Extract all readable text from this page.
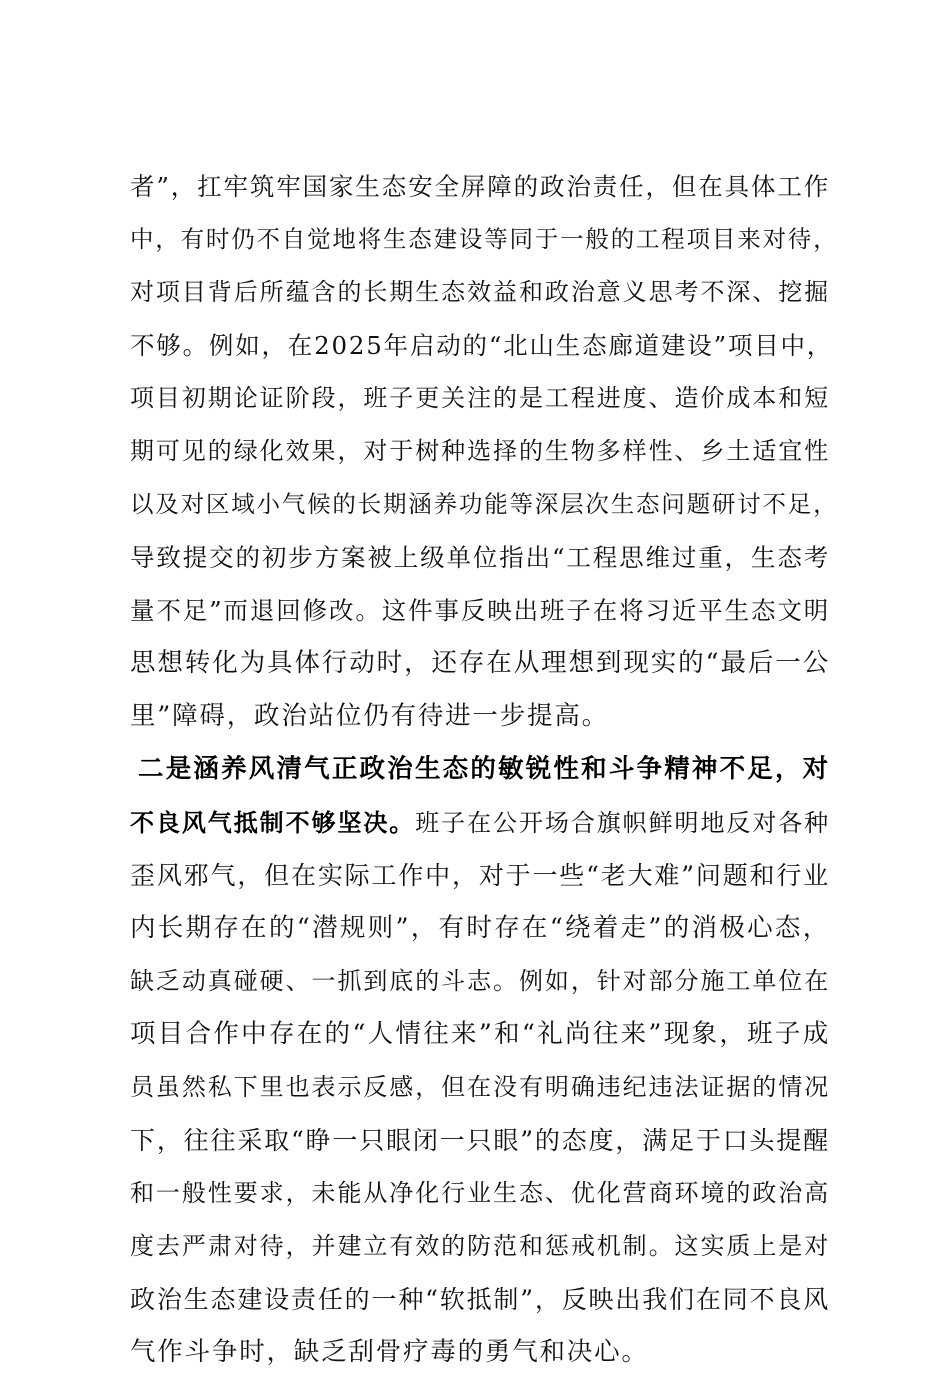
者”，扛牢筑牢国家生态安全屏障的政治责任，但在具体工作
中，有时仍不自觉地将生态建设等同于一般的工程项目来对待，
对项目背后所蕴含的长期生态效益和政治意义思考不深、挖掘
不够。例如，在2025年启动的“北山生态廊道建设”项目中，
项目初期论证阶段，班子更关注的是工程进度、造价成本和短
期可见的绿化效果，对于树种选择的生物多样性、乡土适宜性
以及对区域小气候的长期涵养功能等深层次生态问题研讨不足，
导致提交的初步方案被上级单位指出“工程思维过重，生态考
量不足”而退回修改。这件事反映出班子在将习近平生态文明
思想转化为具体行动时，还存在从理想到现实的“最后一公
里”障碍，政治站位仍有待进一步提高。
二是涵养风清气正政治生态的敏锐性和斗争精神不足，对
不良风气抵制不够坚决。班子在公开场合旗帜鲜明地反对各种
歪风邪气，但在实际工作中，对于一些“老大难”问题和行业
内长期存在的“潜规则”，有时存在“绕着走”的消极心态，
缺乏动真碰硬、一抓到底的斗志。例如，针对部分施工单位在
项目合作中存在的“人情往来”和“礼尚往来”现象，班子成
员虽然私下里也表示反感，但在没有明确违纪违法证据的情况
下，往往采取“睁一只眼闭一只眼”的态度，满足于口头提醒
和一般性要求，未能从净化行业生态、优化营商环境的政治高
度去严肃对待，并建立有效的防范和惩戒机制。这实质上是对
政治生态建设责任的一种“软抵制”，反映出我们在同不良风
气作斗争时，缺乏刮骨疗毒的勇气和决心。
